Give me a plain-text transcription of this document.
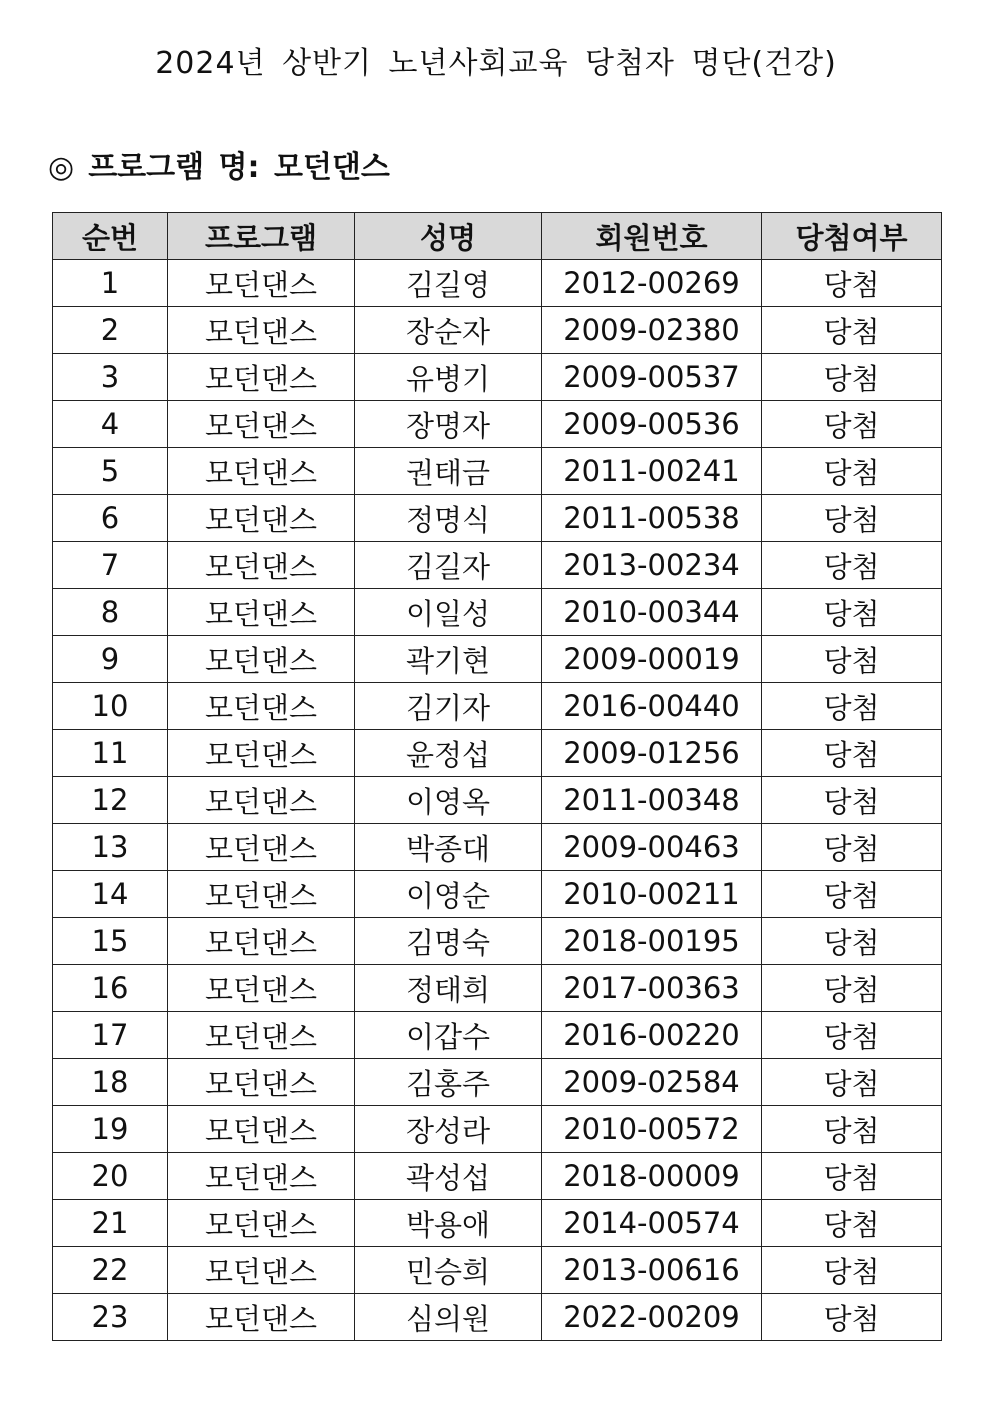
2024년 상반기 노년사회교육 당첨자 명단(건강)
◎ 프로그램 명: 모던댄스
순번	프로그램	성명	회원번호	당첨여부
1	모던댄스	김길영	2012-00269	당첨
2	모던댄스	장순자	2009-02380	당첨
3	모던댄스	유병기	2009-00537	당첨
4	모던댄스	장명자	2009-00536	당첨
5	모던댄스	권태금	2011-00241	당첨
6	모던댄스	정명식	2011-00538	당첨
7	모던댄스	김길자	2013-00234	당첨
8	모던댄스	이일성	2010-00344	당첨
9	모던댄스	곽기현	2009-00019	당첨
10	모던댄스	김기자	2016-00440	당첨
11	모던댄스	윤정섭	2009-01256	당첨
12	모던댄스	이영옥	2011-00348	당첨
13	모던댄스	박종대	2009-00463	당첨
14	모던댄스	이영순	2010-00211	당첨
15	모던댄스	김명숙	2018-00195	당첨
16	모던댄스	정태희	2017-00363	당첨
17	모던댄스	이갑수	2016-00220	당첨
18	모던댄스	김홍주	2009-02584	당첨
19	모던댄스	장성라	2010-00572	당첨
20	모던댄스	곽성섭	2018-00009	당첨
21	모던댄스	박용애	2014-00574	당첨
22	모던댄스	민승희	2013-00616	당첨
23	모던댄스	심의원	2022-00209	당첨
